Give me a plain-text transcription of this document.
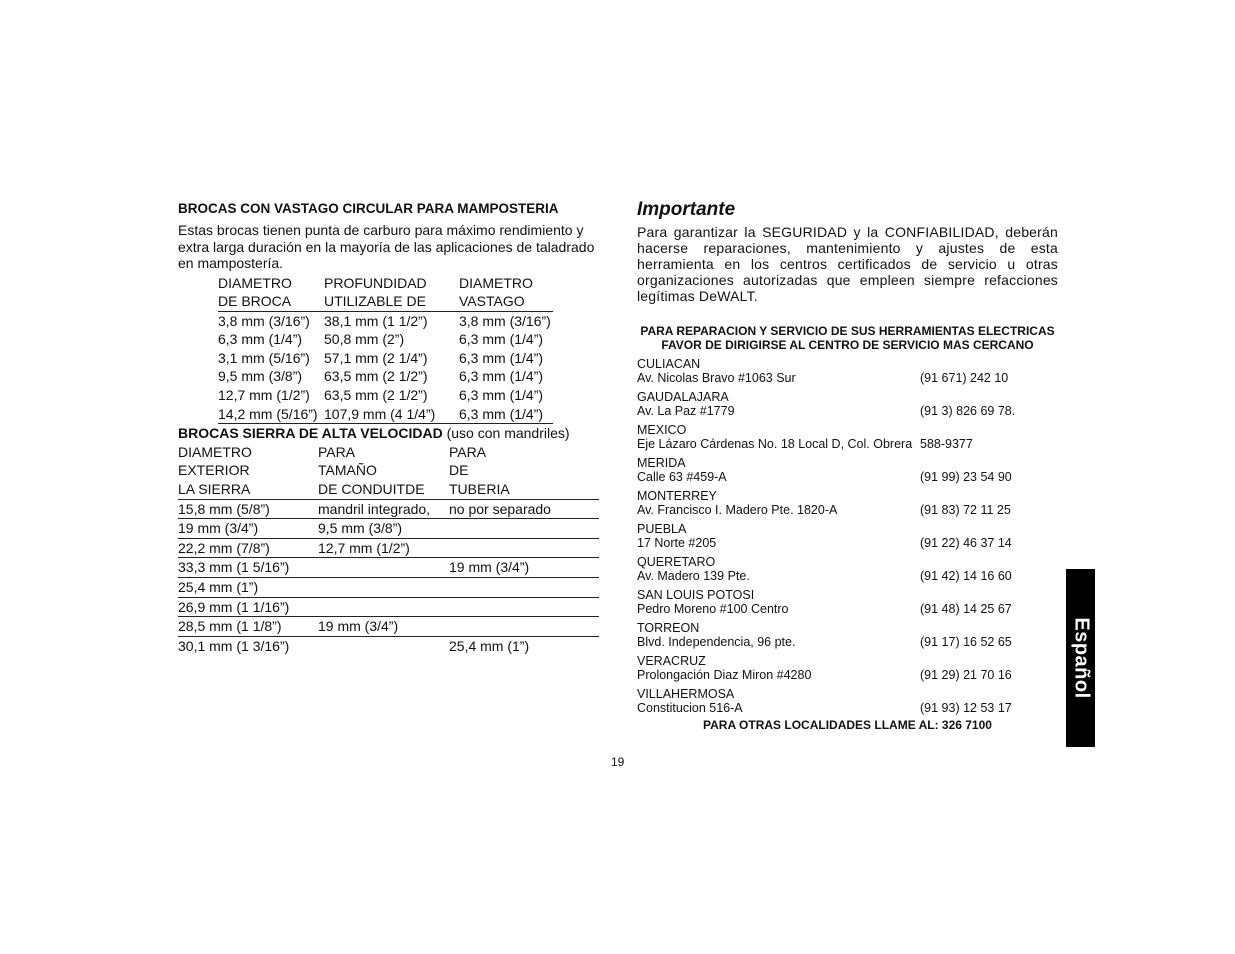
BROCAS CON VASTAGO CIRCULAR PARA MAMPOSTERIA

Estas brocas tienen punta de carburo para máximo rendimiento y extra larga duración en la mayoría de las aplicaciones de taladrado en mampostería.

DIAMETRO	PROFUNDIDAD	DIAMETRO
DE BROCA	UTILIZABLE DE	VASTAGO
3,8 mm (3/16”)	38,1 mm (1 1/2”)	3,8 mm (3/16”)
6,3 mm (1/4”)	50,8 mm (2”)	6,3 mm (1/4”)
3,1 mm (5/16”)	57,1 mm (2 1/4”)	6,3 mm (1/4”)
9,5 mm (3/8”)	63,5 mm (2 1/2”)	6,3 mm (1/4”)
12,7 mm (1/2”)	63,5 mm (2 1/2”)	6,3 mm (1/4”)
14,2 mm (5/16”)	107,9 mm (4 1/4”)	6,3 mm (1/4”)

BROCAS SIERRA DE ALTA VELOCIDAD (uso con mandriles)

DIAMETRO	PARA	PARA
EXTERIOR	TAMAÑO	DE
LA SIERRA	DE CONDUITDE	TUBERIA
15,8 mm (5/8”)	mandril integrado,	no por separado
19 mm (3/4”)	9,5 mm (3/8”)	
22,2 mm (7/8”)	12,7 mm (1/2”)	
33,3 mm (1 5/16”)		19 mm (3/4”)
25,4 mm (1”)		
26,9 mm (1 1/16”)		
28,5 mm (1 1/8”)	19 mm (3/4”)	
30,1 mm (1 3/16”)		25,4 mm (1”)

Importante

Para garantizar la SEGURIDAD y la CONFIABILIDAD, deberán hacerse reparaciones, mantenimiento y ajustes de esta herramienta en los centros certificados de servicio u otras organizaciones autorizadas que empleen siempre refacciones legítimas DeWALT.

PARA REPARACION Y SERVICIO DE SUS HERRAMIENTAS ELECTRICAS FAVOR DE DIRIGIRSE AL CENTRO DE SERVICIO MAS CERCANO

CULIACAN
Av. Nicolas Bravo #1063 Sur	(91 671) 242 10
GAUDALAJARA
Av. La Paz #1779	(91 3) 826 69 78.
MEXICO
Eje Lázaro Cárdenas No. 18 Local D, Col. Obrera 588-9377
MERIDA
Calle 63 #459-A	(91 99) 23 54 90
MONTERREY
Av. Francisco I. Madero Pte. 1820-A	(91 83) 72 11 25
PUEBLA
17 Norte #205	(91 22) 46 37 14
QUERETARO
Av. Madero 139 Pte.	(91 42) 14 16 60
SAN LOUIS POTOSI
Pedro Moreno #100 Centro	(91 48) 14 25 67
TORREON
Blvd. Independencia, 96 pte.	(91 17) 16 52 65
VERACRUZ
Prolongación Diaz Miron #4280	(91 29) 21 70 16
VILLAHERMOSA
Constitucion 516-A	(91 93) 12 53 17

PARA OTRAS LOCALIDADES LLAME AL: 326 7100

19
Español
